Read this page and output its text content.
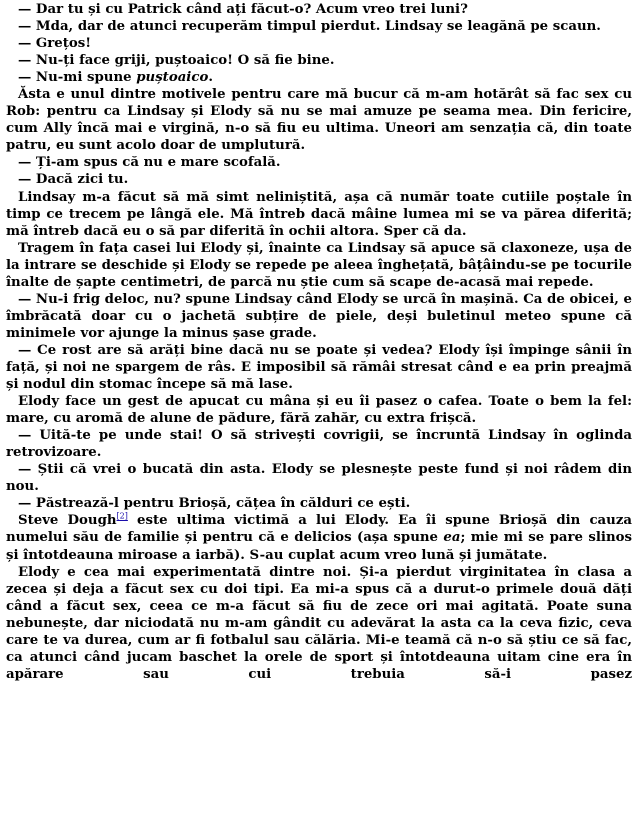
— Dar tu și cu Patrick când ați făcut-o? Acum vreo trei luni?

— Mda, dar de atunci recuperăm timpul pierdut. Lindsay se leagănă pe scaun.

— Grețos!

— Nu-ți face griji, puștoaico! O să fie bine.

— Nu-mi spune puștoaico.

Ăsta e unul dintre motivele pentru care mă bucur că m-am hotărât să fac sex cu Rob: pentru ca Lindsay și Elody să nu se mai amuze pe seama mea. Din fericire, cum Ally încă mai e virgină, n-o să fiu eu ultima. Uneori am senzația că, din toate patru, eu sunt acolo doar de umplutură.

— Ți-am spus că nu e mare scofală.

— Dacă zici tu.

Lindsay m-a făcut să mă simt neliniștită, așa că număr toate cutiile poștale în timp ce trecem pe lângă ele. Mă întreb dacă mâine lumea mi se va părea diferită; mă întreb dacă eu o să par diferită în ochii altora. Sper că da.

Tragem în fața casei lui Elody și, înainte ca Lindsay să apuce să claxoneze, ușa de la intrare se deschide și Elody se repede pe aleea înghețată, bâțâindu-se pe tocurile înalte de șapte centimetri, de parcă nu știe cum să scape de-acasă mai repede.

— Nu-i frig deloc, nu? spune Lindsay când Elody se urcă în mașină. Ca de obicei, e îmbrăcată doar cu o jachetă subțire de piele, deși buletinul meteo spune că minimele vor ajunge la minus șase grade.

— Ce rost are să arăți bine dacă nu se poate și vedea? Elody își împinge sânii în față, și noi ne spargem de râs. E imposibil să rămâi stresat când e ea prin preajmă și nodul din stomac începe să mă lase.

Elody face un gest de apucat cu mâna și eu îi pasez o cafea. Toate o bem la fel: mare, cu aromă de alune de pădure, fără zahăr, cu extra frișcă.

— Uită-te pe unde stai! O să strivești covrigii, se încruntă Lindsay în oglinda retrovizoare.

— Știi că vrei o bucată din asta. Elody se plesnește peste fund și noi râdem din nou.

— Păstrează-l pentru Brioșă, cățea în călduri ce ești.

Steve Dough[2] este ultima victimă a lui Elody. Ea îi spune Brioșă din cauza numelui său de familie și pentru că e delicios (așa spune ea; mie mi se pare slinos și întotdeauna miroase a iarbă). S-au cuplat acum vreo lună și jumătate.

Elody e cea mai experimentată dintre noi. Și-a pierdut virginitatea în clasa a zecea și deja a făcut sex cu doi tipi. Ea mi-a spus că a durut-o primele două dăți când a făcut sex, ceea ce m-a făcut să fiu de zece ori mai agitată. Poate suna nebunește, dar niciodată nu m-am gândit cu adevărat la asta ca la ceva fizic, ceva care te va durea, cum ar fi fotbalul sau călăria. Mi-e teamă că n-o să știu ce să fac, ca atunci când jucam baschet la orele de sport și întotdeauna uitam cine era în apărare sau cui trebuia să-i pasez
